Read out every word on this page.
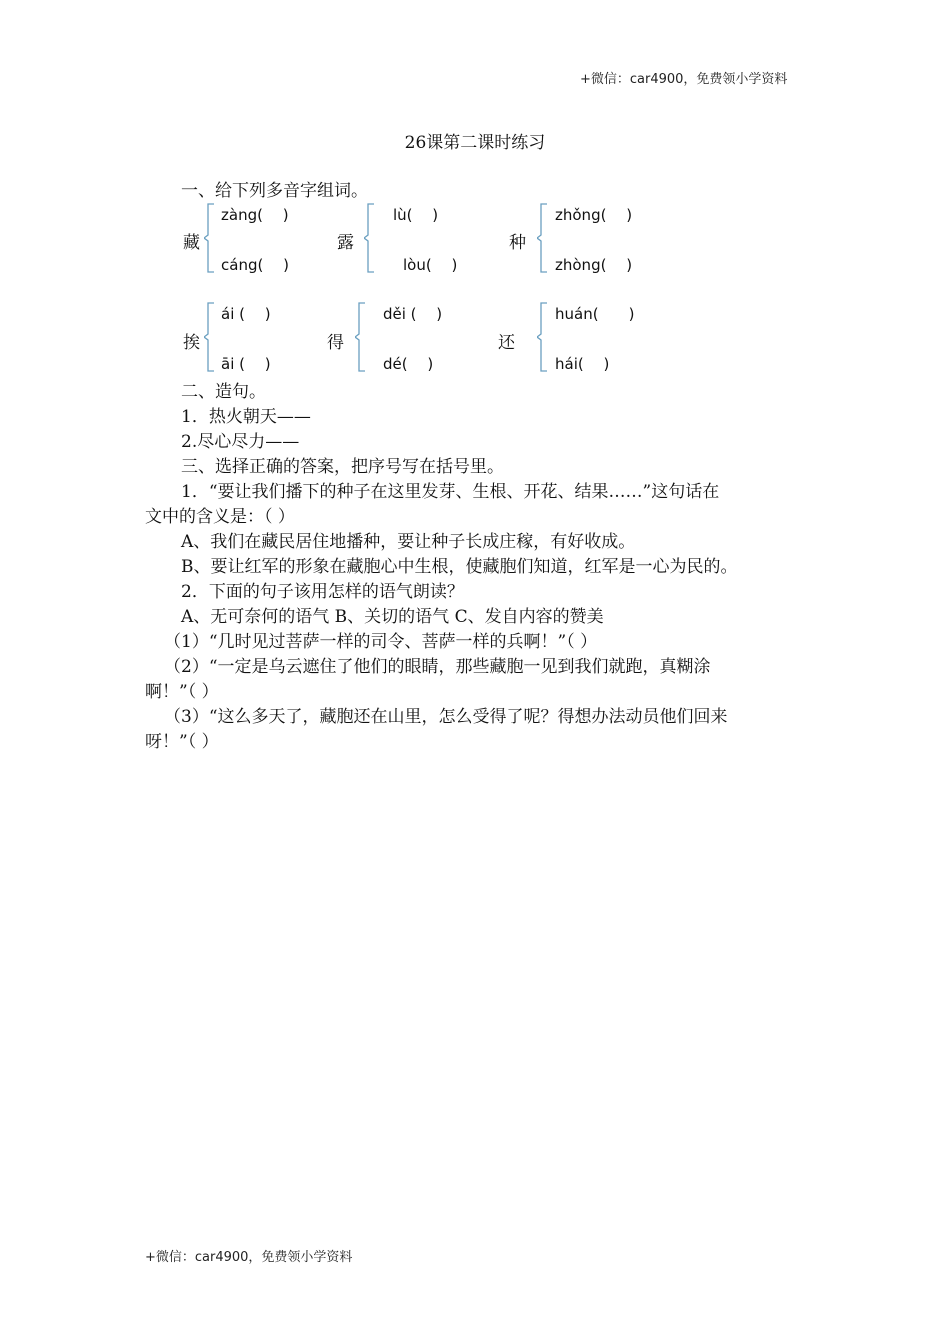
+微信：car4900，免费领小学资料
26课第二课时练习
一、给下列多音字组词。
藏
zàng(　 )
cáng(　 )
露
lù(　 )
lòu(　 )
种
zhǒng(　 )
zhòng(　 )
挨
ái (　 )
āi (　 )
得
děi (　 )
dé(　 )
还
huán(　　)
hái(　 )
二、造句。
1．热火朝天——
2.尽心尽力——
三、选择正确的答案，把序号写在括号里。
1．“要让我们播下的种子在这里发芽、生根、开花、结果……”这句话在
文中的含义是：（ ）
A、我们在藏民居住地播种，要让种子长成庄稼，有好收成。
B、要让红军的形象在藏胞心中生根，使藏胞们知道，红军是一心为民的。
2．下面的句子该用怎样的语气朗读？
A、无可奈何的语气 B、关切的语气 C、发自内容的赞美
（1）“几时见过菩萨一样的司令、菩萨一样的兵啊！”（ ）
（2）“一定是乌云遮住了他们的眼睛，那些藏胞一见到我们就跑，真糊涂
啊！”（ ）
（3）“这么多天了，藏胞还在山里，怎么受得了呢？得想办法动员他们回来
呀！”（ ）
+微信：car4900，免费领小学资料
